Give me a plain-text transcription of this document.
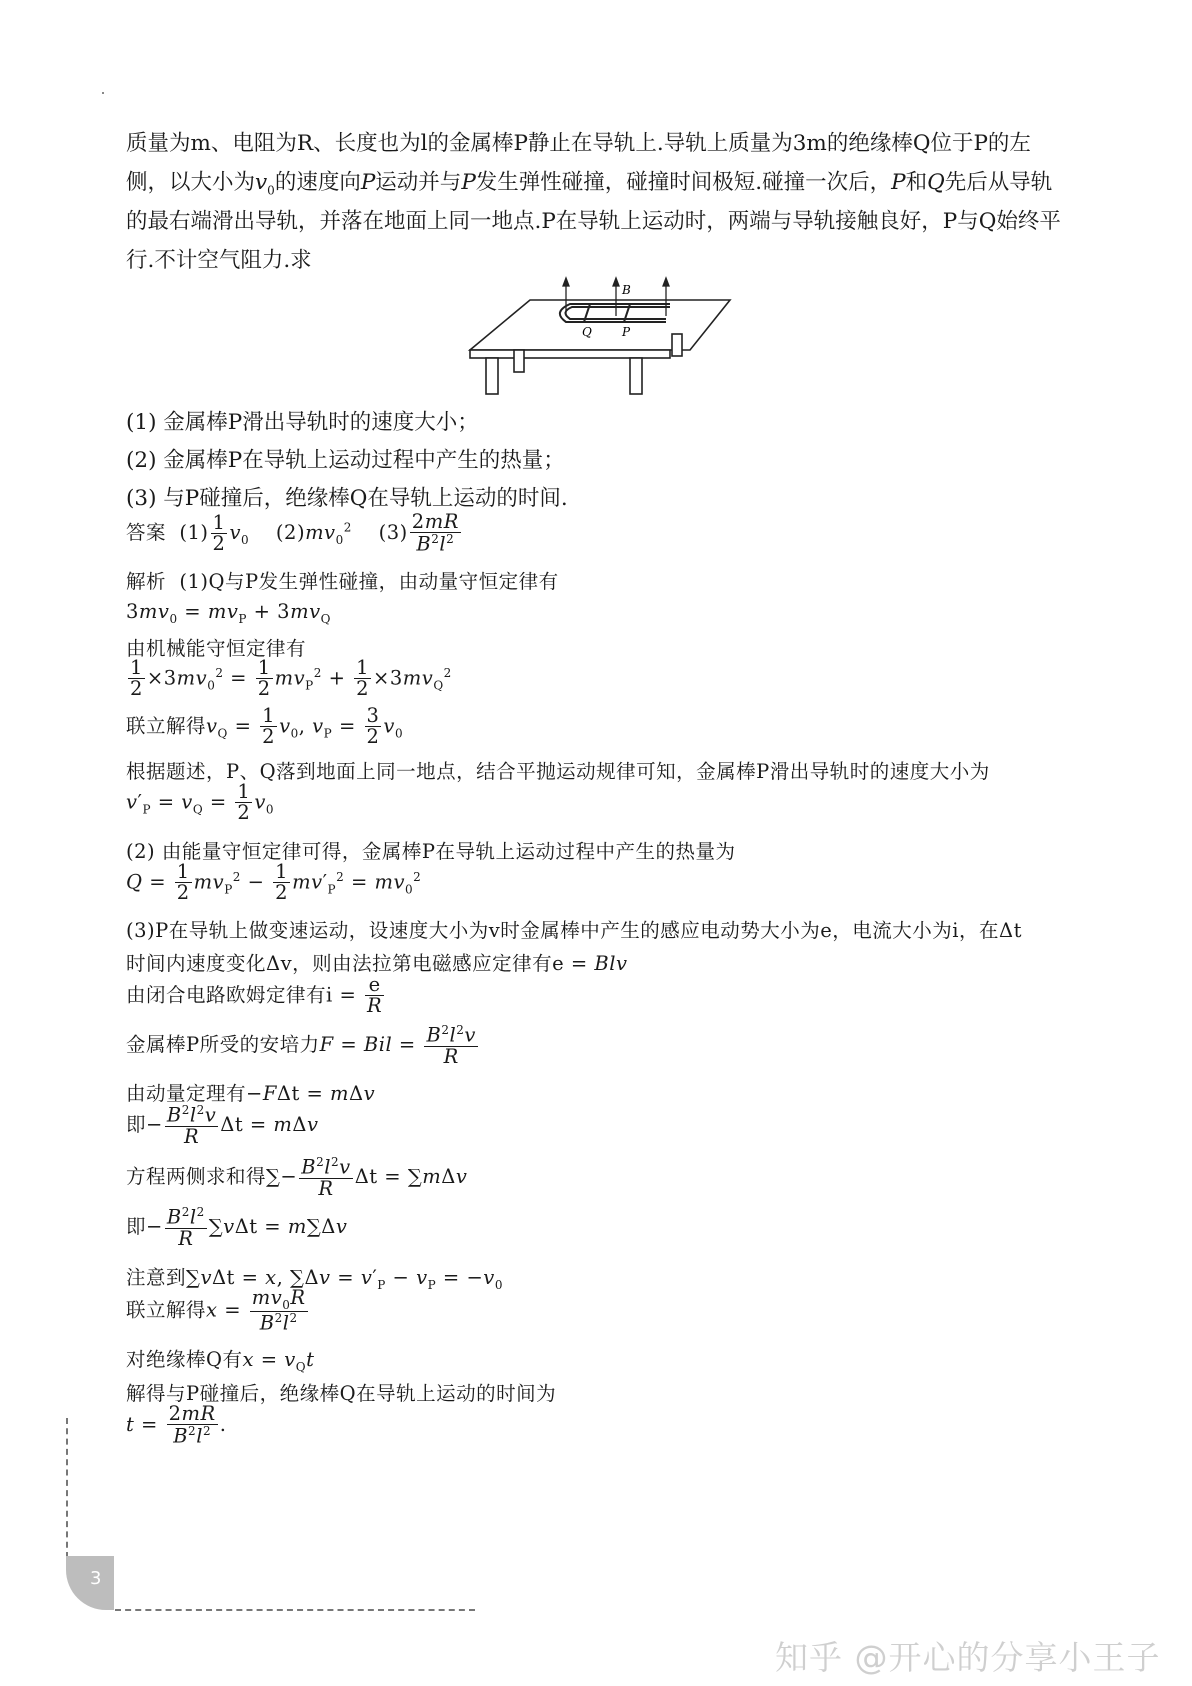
质量为m、电阻为R、长度也为l的金属棒P静止在导轨上.导轨上质量为3m的绝缘棒Q位于P的左
侧，以大小为$v_0$的速度向P运动并与P发生弹性碰撞，碰撞时间极短.碰撞一次后，P和Q先后从导轨
的最右端滑出导轨，并落在地面上同一地点.P在导轨上运动时，两端与导轨接触良好，P与Q始终平
行.不计空气阻力.求
B
Q	P
(1) 金属棒P滑出导轨时的速度大小；
(2) 金属棒P在导轨上运动过程中产生的热量；
(3) 与P碰撞后，绝缘棒Q在导轨上运动的时间.
答案  $(1) \frac{1}{2} v_0$    $(2)mv_0^2$    $(3) \frac{2mR}{B^2l^2}$
解析 (1)Q与P发生弹性碰撞，由动量守恒定律有
$3mv_0 = mv_P + 3mv_Q$
由机械能守恒定律有
$\frac{1}{2} \times 3mv_0^2 = \frac{1}{2} mv_P^2 + \frac{1}{2} \times 3mv_Q^2$
联立解得$v_Q = \frac{1}{2} v_0$, $v_P = \frac{3}{2} v_0$
根据题述，P、Q落到地面上同一地点，结合平抛运动规律可知，金属棒P滑出导轨时的速度大小为
$v'_P = v_Q = \frac{1}{2} v_0$
(2) 由能量守恒定律可得，金属棒P在导轨上运动过程中产生的热量为
$Q = \frac{1}{2} mv_P^2 - \frac{1}{2} mv'_P^2 = mv_0^2$
(3)P在导轨上做变速运动，设速度大小为v时金属棒中产生的感应电动势大小为e，电流大小为i，在Δt
时间内速度变化Δv，则由法拉第电磁感应定律有e = Blv
由闭合电路欧姆定律有$i = \frac{e}{R}$
金属棒P所受的安培力F = Bil = $\frac{B^2l^2v}{R}$
由动量定理有−FΔt = mΔv
即− $\frac{B^2l^2v}{R}$ Δt = mΔv
方程两侧求和得∑− $\frac{B^2l^2v}{R}$ Δt = ∑mΔv
即− $\frac{B^2l^2}{R} \sum v\Delta t = m\sum\Delta v$
注意到∑vΔt = x, $\sum\Delta v = v'_P - v_P = -v_0$
联立解得$x = \frac{mv_0R}{B^2l^2}$
对绝缘棒Q有$x = v_Qt$
解得与P碰撞后，绝缘棒Q在导轨上运动的时间为
$t = \frac{2mR}{B^2l^2}$ .
3
知乎 @开心的分享小王子
